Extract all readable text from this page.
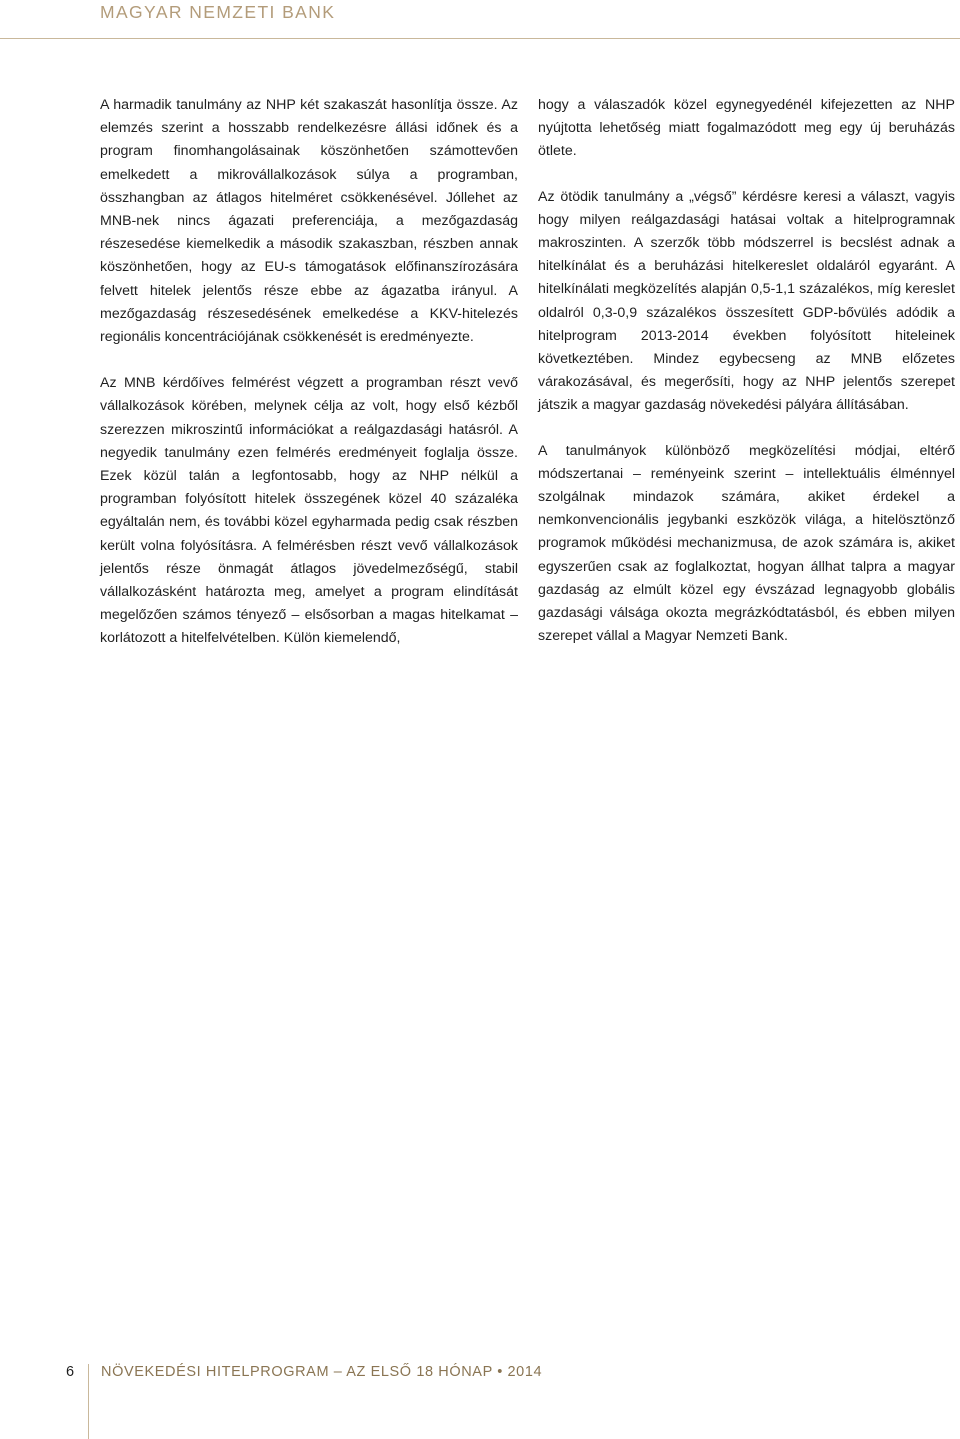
MAGYAR NEMZETI BANK

A harmadik tanulmány az NHP két szakaszát hasonlítja össze. Az elemzés szerint a hosszabb rendelkezésre állási időnek és a program finomhangolásainak köszönhetően számottevően emelkedett a mikrovállalkozások súlya a programban, összhangban az átlagos hitelméret csökkenésével. Jóllehet az MNB-nek nincs ágazati preferenciája, a mezőgazdaság részesedése kiemelkedik a második szakaszban, részben annak köszönhetően, hogy az EU-s támogatások előfinanszírozására felvett hitelek jelentős része ebbe az ágazatba irányul. A mezőgazdaság részesedésének emelkedése a KKV-hitelezés regionális koncentrációjának csökkenését is eredményezte.

Az MNB kérdőíves felmérést végzett a programban részt vevő vállalkozások körében, melynek célja az volt, hogy első kézből szerezzen mikroszintű információkat a reálgazdasági hatásról. A negyedik tanulmány ezen felmérés eredményeit foglalja össze. Ezek közül talán a legfontosabb, hogy az NHP nélkül a programban folyósított hitelek összegének közel 40 százaléka egyáltalán nem, és további közel egyharmada pedig csak részben került volna folyósításra. A felmérésben részt vevő vállalkozások jelentős része önmagát átlagos jövedelmezőségű, stabil vállalkozásként határozta meg, amelyet a program elindítását megelőzően számos tényező – elsősorban a magas hitelkamat – korlátozott a hitelfelvételben. Külön kiemelendő,

hogy a válaszadók közel egynegyedénél kifejezetten az NHP nyújtotta lehetőség miatt fogalmazódott meg egy új beruházás ötlete.

Az ötödik tanulmány a „végső” kérdésre keresi a választ, vagyis hogy milyen reálgazdasági hatásai voltak a hitelprogramnak makroszinten. A szerzők több módszerrel is becslést adnak a hitelkínálat és a beruházási hitelkereslet oldaláról egyaránt. A hitelkínálati megközelítés alapján 0,5-1,1 százalékos, míg kereslet oldalról 0,3-0,9 százalékos összesített GDP-bővülés adódik a hitelprogram 2013-2014 években folyósított hiteleinek következtében. Mindez egybecseng az MNB előzetes várakozásával, és megerősíti, hogy az NHP jelentős szerepet játszik a magyar gazdaság növekedési pályára állításában.

A tanulmányok különböző megközelítési módjai, eltérő módszertanai – reményeink szerint – intellektuális élménnyel szolgálnak mindazok számára, akiket érdekel a nemkonvencionális jegybanki eszközök világa, a hitelösztönző programok működési mechanizmusa, de azok számára is, akiket egyszerűen csak az foglalkoztat, hogyan állhat talpra a magyar gazdaság az elmúlt közel egy évszázad legnagyobb globális gazdasági válsága okozta megrázkódtatásból, és ebben milyen szerepet vállal a Magyar Nemzeti Bank.

6	NÖVEKEDÉSI HITELPROGRAM – AZ ELSŐ 18 HÓNAP • 2014
